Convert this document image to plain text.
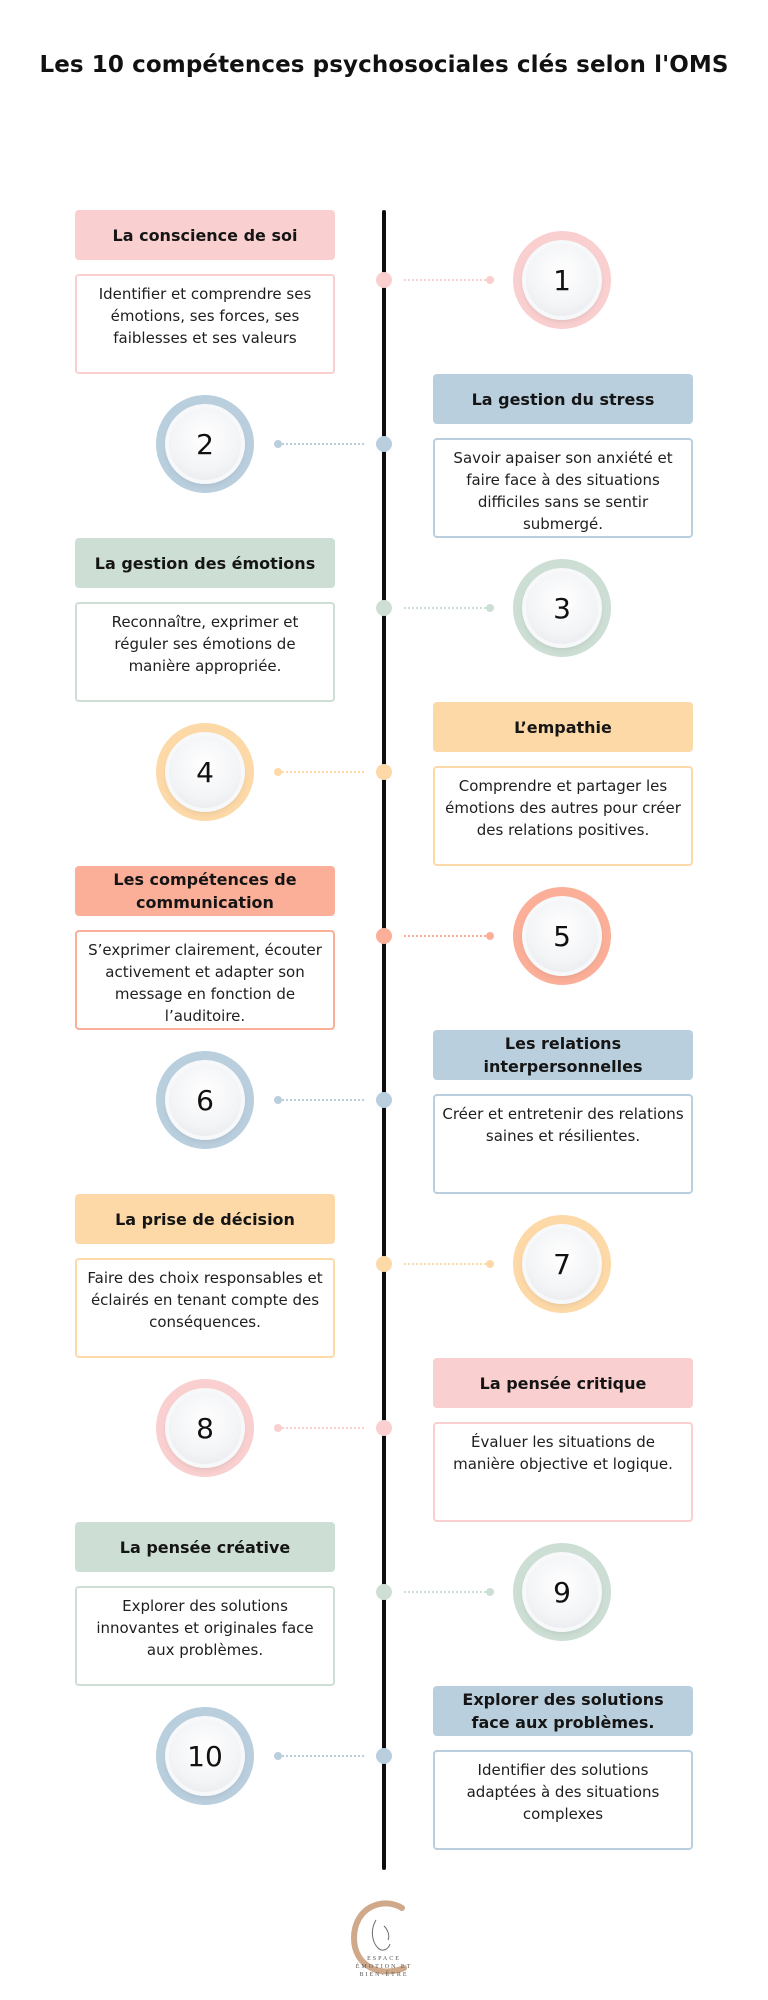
Les 10 compétences psychosociales clés selon l'OMS
La conscience de soi
Identifier et comprendre ses émotions, ses forces, ses faiblesses et ses valeurs
1
La gestion du stress
Savoir apaiser son anxiété et faire face à des situations difficiles sans se sentir submergé.
2
La gestion des émotions
Reconnaître, exprimer et réguler ses émotions de manière appropriée.
3
L’empathie
Comprendre et partager les émotions des autres pour créer des relations positives.
4
Les compétences de communication
S’exprimer clairement, écouter activement et adapter son message en fonction de l’auditoire.
5
Les relations interpersonnelles
Créer et entretenir des relations saines et résilientes.
6
La prise de décision
Faire des choix responsables et éclairés en tenant compte des conséquences.
7
La pensée critique
Évaluer les situations de manière objective et logique.
8
La pensée créative
Explorer des solutions innovantes et originales face aux problèmes.
9
Explorer des solutions face aux problèmes.
Identifier des solutions adaptées à des situations complexes
10
ESPACE
ÉMOTION ET
BIEN-ÊTRE
